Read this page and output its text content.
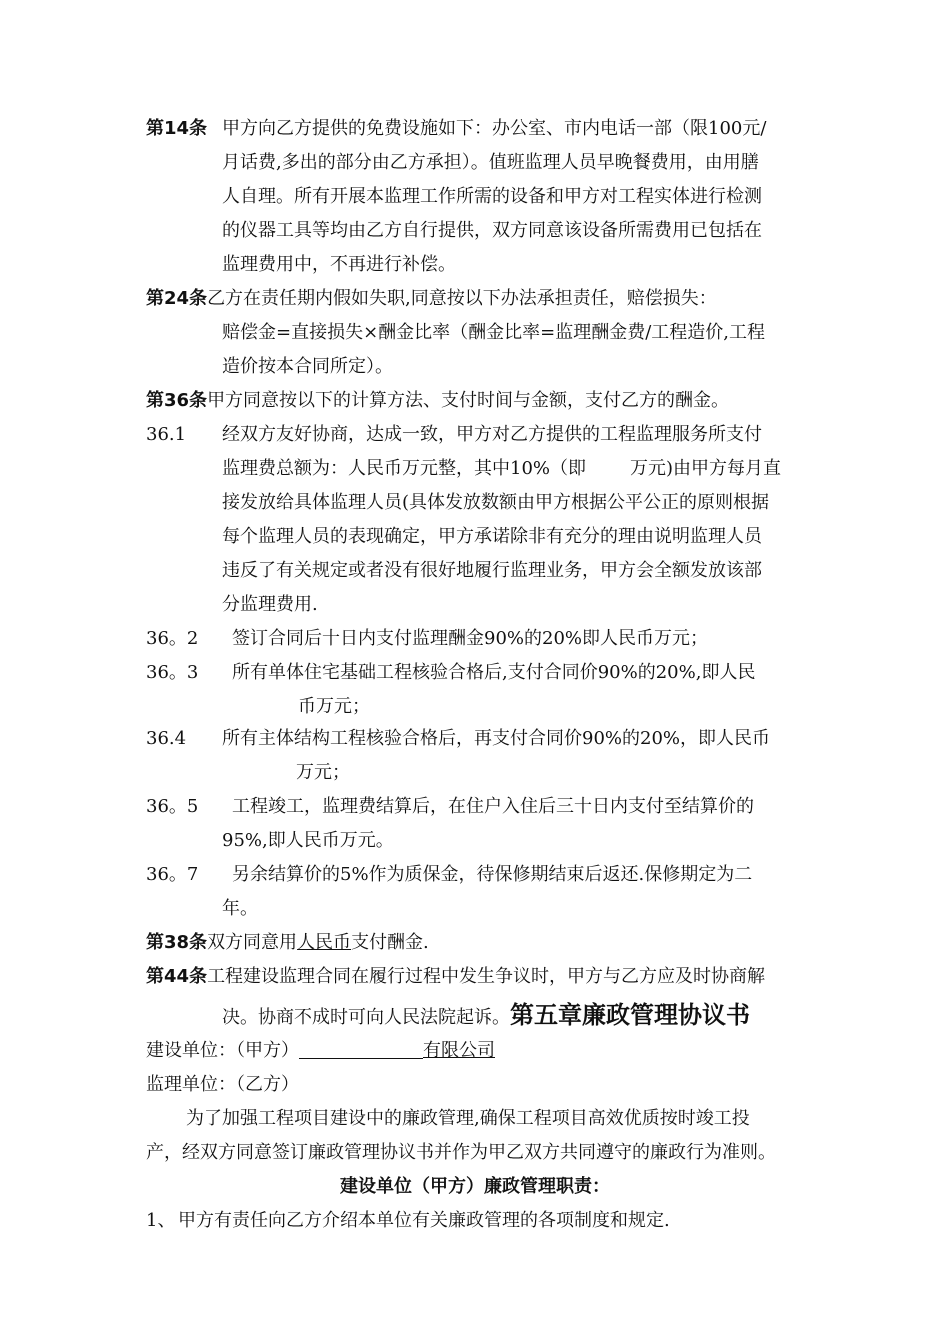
第14条 甲方向乙方提供的免费设施如下：办公室、市内电话一部（限100元/
月话费,多出的部分由乙方承担）。值班监理人员早晚餐费用，由用膳
人自理。所有开展本监理工作所需的设备和甲方对工程实体进行检测
的仪器工具等均由乙方自行提供，双方同意该设备所需费用已包括在
监理费用中，不再进行补偿。
第24条乙方在责任期内假如失职,同意按以下办法承担责任，赔偿损失：
赔偿金=直接损失×酬金比率（酬金比率=监理酬金费/工程造价,工程
造价按本合同所定）。
第36条甲方同意按以下的计算方法、支付时间与金额，支付乙方的酬金。
36.1 经双方友好协商，达成一致，甲方对乙方提供的工程监理服务所支付
监理费总额为：人民币万元整，其中10%（即 万元)由甲方每月直
接发放给具体监理人员(具体发放数额由甲方根据公平公正的原则根据
每个监理人员的表现确定，甲方承诺除非有充分的理由说明监理人员
违反了有关规定或者没有很好地履行监理业务，甲方会全额发放该部
分监理费用.
36。2 签订合同后十日内支付监理酬金90%的20%即人民币万元；
36。3 所有单体住宅基础工程核验合格后,支付合同价90%的20%,即人民
币万元；
36.4 所有主体结构工程核验合格后，再支付合同价90%的20%，即人民币
万元；
36。5 工程竣工，监理费结算后，在住户入住后三十日内支付至结算价的
95%,即人民币万元。
36。7 另余结算价的5%作为质保金，待保修期结束后返还.保修期定为二
年。
第38条双方同意用人民币支付酬金.
第44条工程建设监理合同在履行过程中发生争议时，甲方与乙方应及时协商解
决。协商不成时可向人民法院起诉。第五章廉政管理协议书
建设单位：（甲方）	有限公司
监理单位：（乙方）
为了加强工程项目建设中的廉政管理,确保工程项目高效优质按时竣工投
产，经双方同意签订廉政管理协议书并作为甲乙双方共同遵守的廉政行为准则。
建设单位（甲方）廉政管理职责：
1、 甲方有责任向乙方介绍本单位有关廉政管理的各项制度和规定.
